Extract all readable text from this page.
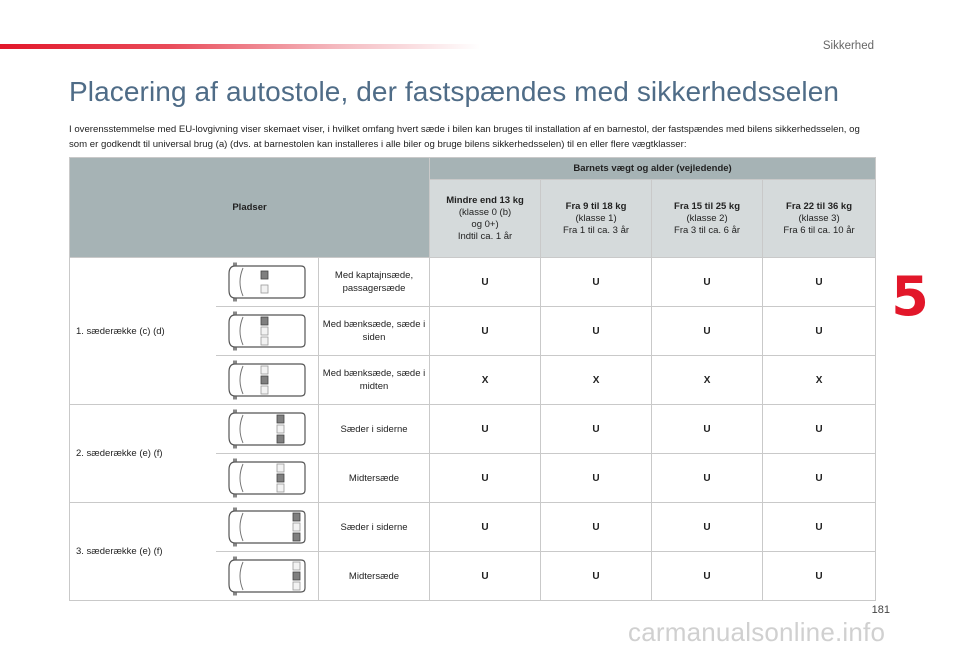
Sikkerhed
5
Placering af autostole, der fastspændes med sikkerhedsselen

I overensstemmelse med EU-lovgivning viser skemaet viser, i hvilket omfang hvert sæde i bilen kan bruges til installation af en barnestol, der fastspændes med bilens sikkerhedsselen, og som er godkendt til universal brug (a) (dvs. at barnestolen kan installeres i alle biler og bruge bilens sikkerhedsselen) til en eller flere vægtklasser:

Pladser			Barnets vægt og alder (vejledende)			

			Mindre end 13 kg
(klasse 0 (b)
og 0+)
Indtil ca. 1 år	Fra 9 til 18 kg
(klasse 1)
Fra 1 til ca. 3 år	Fra 15 til 25 kg
(klasse 2)
Fra 3 til ca. 6 år	Fra 22 til 36 kg
(klasse 3)
Fra 6 til ca. 10 år

1. sæderække (c) (d)		Med kaptajnsæde, passagersæde	U	U	U	U
	Med bænksæde, sæde i siden	U	U	U	U
	Med bænksæde, sæde i midten	X	X	X	X
2. sæderække (e) (f)		Sæder i siderne	U	U	U	U
	Midtersæde	U	U	U	U
3. sæderække (e) (f)		Sæder i siderne	U	U	U	U
	Midtersæde	U	U	U	U
181
carmanualsonline.info
